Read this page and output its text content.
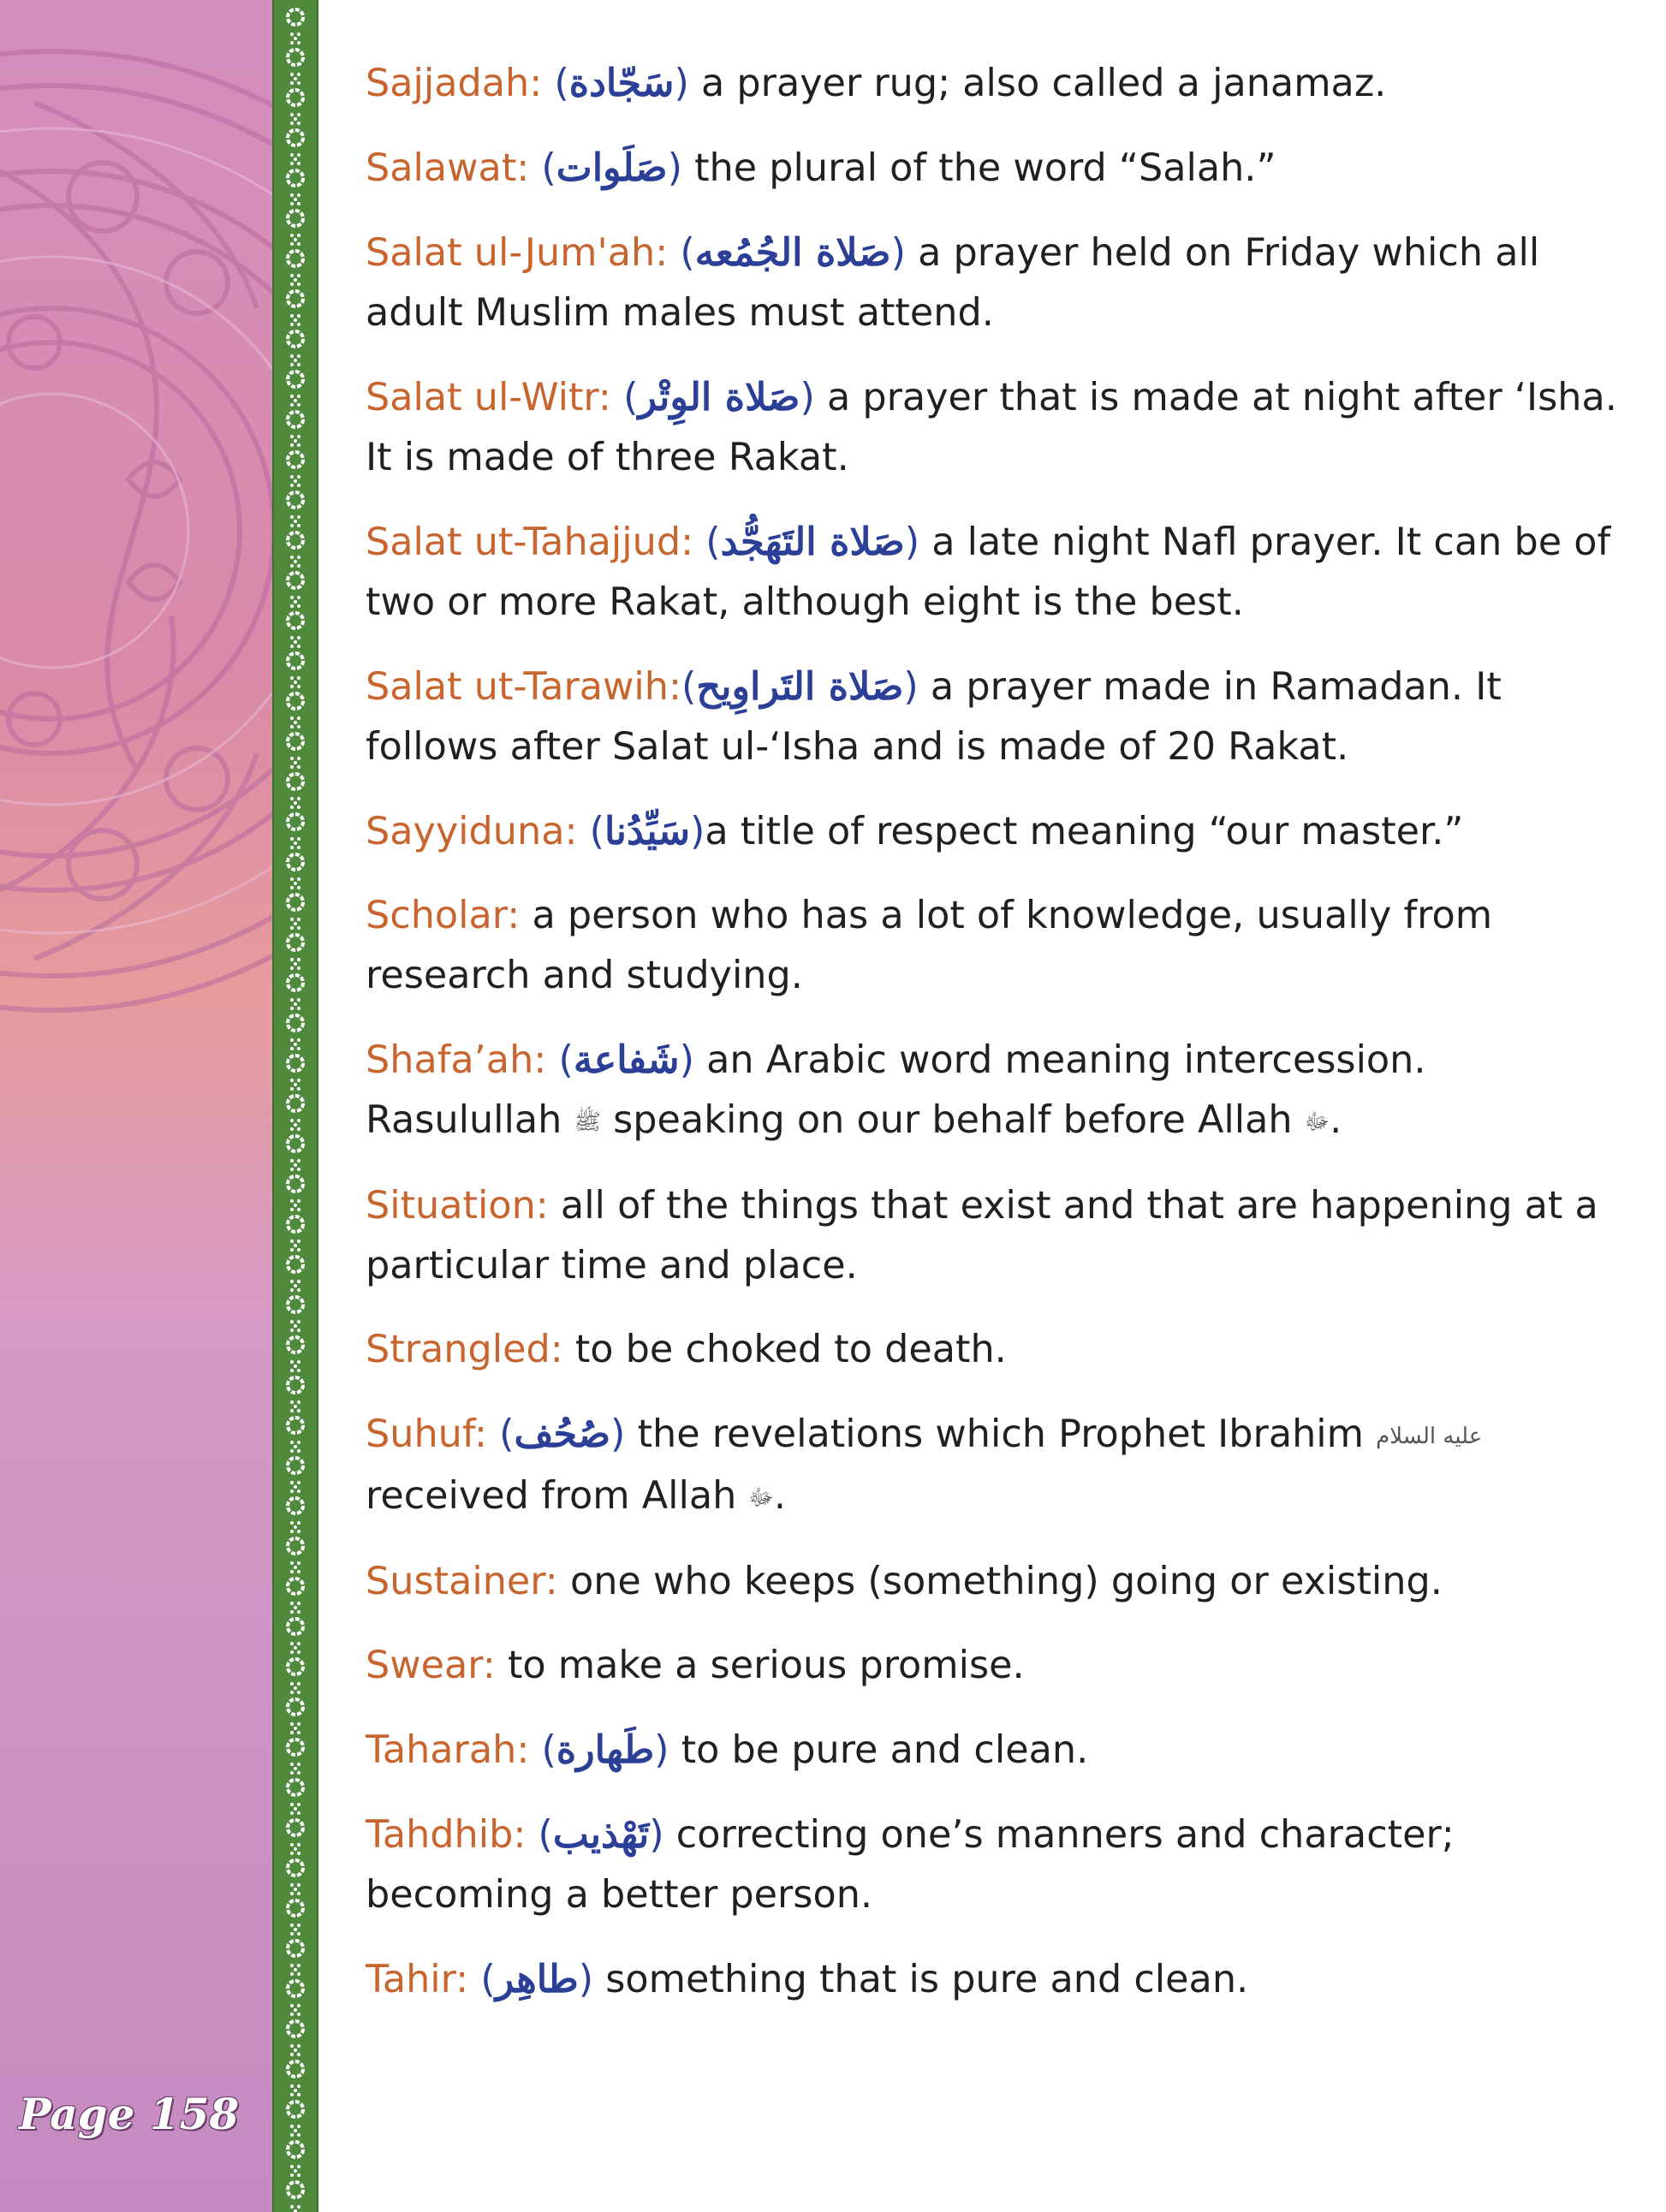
Page 158

Sajjadah: (سَجّادة) a prayer rug; also called a janamaz.

Salawat: (صَلَوات) the plural of the word “Salah.”

Salat ul-Jum'ah: (صَلاة الجُمُعه) a prayer held on Friday which all adult Muslim males must attend.

Salat ul-Witr: (صَلاة الوِتْر) a prayer that is made at night after ‘Isha. It is made of three Rakat.

Salat ut-Tahajjud: (صَلاة التَهَجُّد) a late night Nafl prayer. It can be of two or more Rakat, although eight is the best.

Salat ut-Tarawih:(صَلاة التَراوِيح) a prayer made in Ramadan. It follows after Salat ul-‘Isha and is made of 20 Rakat.

Sayyiduna: (سَيِّدُنا)a title of respect meaning “our master.”

Scholar: a person who has a lot of knowledge, usually from research and studying.

Shafa’ah: (شَفاعة) an Arabic word meaning intercession.
Rasulullah ﷺ speaking on our behalf before Allah ﷻ.

Situation: all of the things that exist and that are happening at a particular time and place.

Strangled: to be choked to death.

Suhuf: (صُحُف) the revelations which Prophet Ibrahim عليه السلام received from Allah ﷻ.

Sustainer: one who keeps (something) going or existing.

Swear: to make a serious promise.

Taharah: (طَهارة) to be pure and clean.

Tahdhib: (تَهْذيب) correcting one’s manners and character; becoming a better person.

Tahir: (طاهِر) something that is pure and clean.
